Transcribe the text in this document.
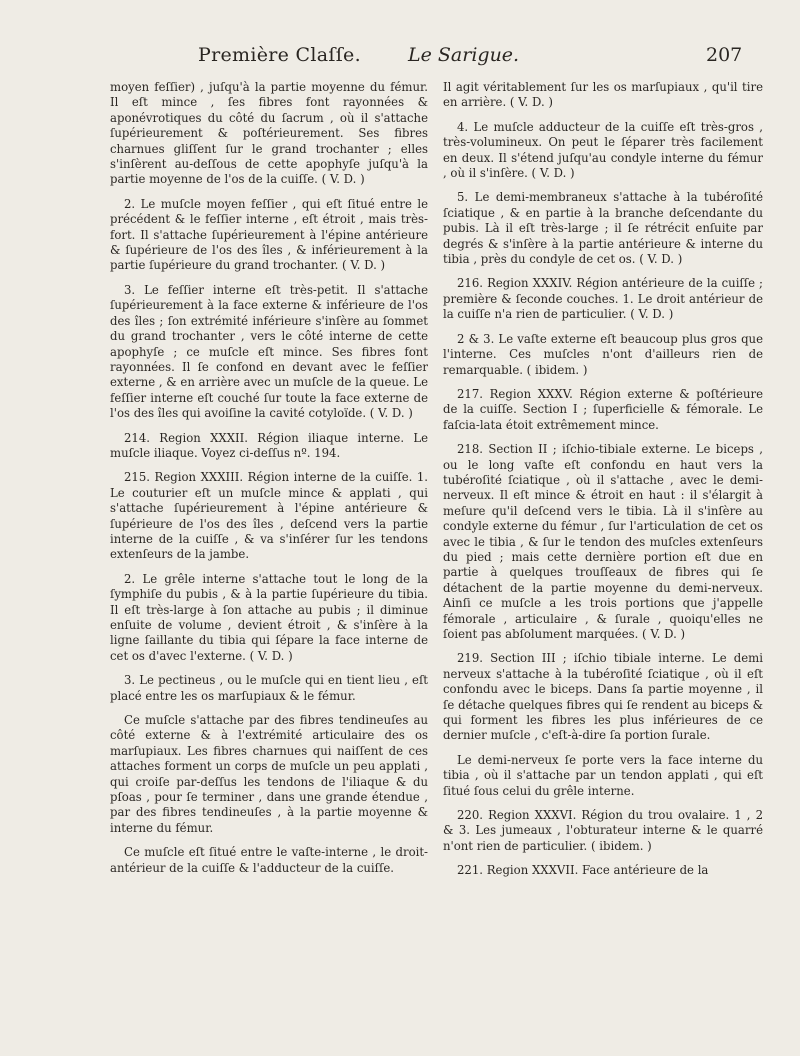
Première Claſſe. Le Sarigue.	207

moyen feſſier) , juſqu'à la partie moyenne du fémur. Il eſt mince , ſes fibres font rayonnées & aponévrotiques du côté du ſacrum , où il s'attache ſupérieurement & poſtérieurement. Ses fibres charnues gliſſent ſur le grand trochanter ; elles s'inſèrent au-deſſous de cette apophyſe juſqu'à la partie moyenne de l'os de la cuiſſe. ( V. D. )

2. Le muſcle moyen feſſier , qui eſt ſitué entre le précédent & le feſſier interne , eſt étroit , mais très-fort. Il s'attache ſupérieurement à l'épine antérieure & ſupérieure de l'os des îles , & inférieurement à la partie ſupérieure du grand trochanter. ( V. D. )

3. Le feſſier interne eſt très-petit. Il s'attache ſupérieurement à la face externe & inférieure de l'os des îles ; ſon extrémité inférieure s'inſère au ſommet du grand trochanter , vers le côté interne de cette apophyſe ; ce muſcle eſt mince. Ses fibres font rayonnées. Il ſe confond en devant avec le feſſier externe , & en arrière avec un muſcle de la queue. Le feſſier interne eſt couché ſur toute la face externe de l'os des îles qui avoiſine la cavité cotyloïde. ( V. D. )

214. Region XXXII. Région iliaque interne. Le muſcle iliaque. Voyez ci-deſſus nº. 194.

215. Region XXXIII. Région interne de la cuiſſe. 1. Le couturier eſt un muſcle mince & applati , qui s'attache ſupérieurement à l'épine antérieure & ſupérieure de l'os des îles , deſcend vers la partie interne de la cuiſſe , & va s'inſérer ſur les tendons extenſeurs de la jambe.

2. Le grêle interne s'attache tout le long de la ſymphiſe du pubis , & à la partie ſupérieure du tibia. Il eſt très-large à ſon attache au pubis ; il diminue enſuite de volume , devient étroit , & s'inſère à la ligne ſaillante du tibia qui ſépare la face interne de cet os d'avec l'externe. ( V. D. )

3. Le pectineus , ou le muſcle qui en tient lieu , eſt placé entre les os marſupiaux & le fémur.

Ce muſcle s'attache par des fibres tendineuſes au côté externe & à l'extrémité articulaire des os marſupiaux. Les fibres charnues qui naiſſent de ces attaches forment un corps de muſcle un peu applati , qui croiſe par-deſſus les tendons de l'iliaque & du pſoas , pour ſe terminer , dans une grande étendue , par des fibres tendineuſes , à la partie moyenne & interne du fémur.

Ce muſcle eſt ſitué entre le vaſte-interne , le droit-antérieur de la cuiſſe & l'adducteur de la cuiſſe.

Il agit véritablement ſur les os marſupiaux , qu'il tire en arrière. ( V. D. )

4. Le muſcle adducteur de la cuiſſe eſt très-gros , très-volumineux. On peut le ſéparer très facilement en deux. Il s'étend juſqu'au condyle interne du fémur , où il s'inſère. ( V. D. )

5. Le demi-membraneux s'attache à la tubéroſité ſciatique , & en partie à la branche deſcendante du pubis. Là il eſt très-large ; il ſe rétrécit enſuite par degrés & s'inſère à la partie antérieure & interne du tibia , près du condyle de cet os. ( V. D. )

216. Region XXXIV. Région antérieure de la cuiſſe ; première & ſeconde couches. 1. Le droit antérieur de la cuiſſe n'a rien de particulier. ( V. D. )

2 & 3. Le vaſte externe eſt beaucoup plus gros que l'interne. Ces muſcles n'ont d'ailleurs rien de remarquable. ( ibidem. )

217. Region XXXV. Région externe & poſtérieure de la cuiſſe. Section I ; ſuperficielle & fémorale. Le faſcia-lata étoit extrêmement mince.

218. Section II ; iſchio-tibiale externe. Le biceps , ou le long vaſte eſt confondu en haut vers la tubéroſité ſciatique , où il s'attache , avec le demi-nerveux. Il eſt mince & étroit en haut : il s'élargit à meſure qu'il deſcend vers le tibia. Là il s'inſère au condyle externe du fémur , ſur l'articulation de cet os avec le tibia , & ſur le tendon des muſcles extenſeurs du pied ; mais cette dernière portion eſt due en partie à quelques trouſſeaux de fibres qui ſe détachent de la partie moyenne du demi-nerveux. Ainſi ce muſcle a les trois portions que j'appelle fémorale , articulaire , & ſurale , quoiqu'elles ne ſoient pas abſolument marquées. ( V. D. )

219. Section III ; iſchio tibiale interne. Le demi nerveux s'attache à la tubéroſité ſciatique , où il eſt confondu avec le biceps. Dans ſa partie moyenne , il ſe détache quelques fibres qui ſe rendent au biceps & qui forment les fibres les plus inférieures de ce dernier muſcle , c'eſt-à-dire ſa portion ſurale.

Le demi-nerveux ſe porte vers la face interne du tibia , où il s'attache par un tendon applati , qui eſt ſitué ſous celui du grêle interne.

220. Region XXXVI. Région du trou ovalaire. 1 , 2 & 3. Les jumeaux , l'obturateur interne & le quarré n'ont rien de particulier. ( ibidem. )

221. Region XXXVII. Face antérieure de la
